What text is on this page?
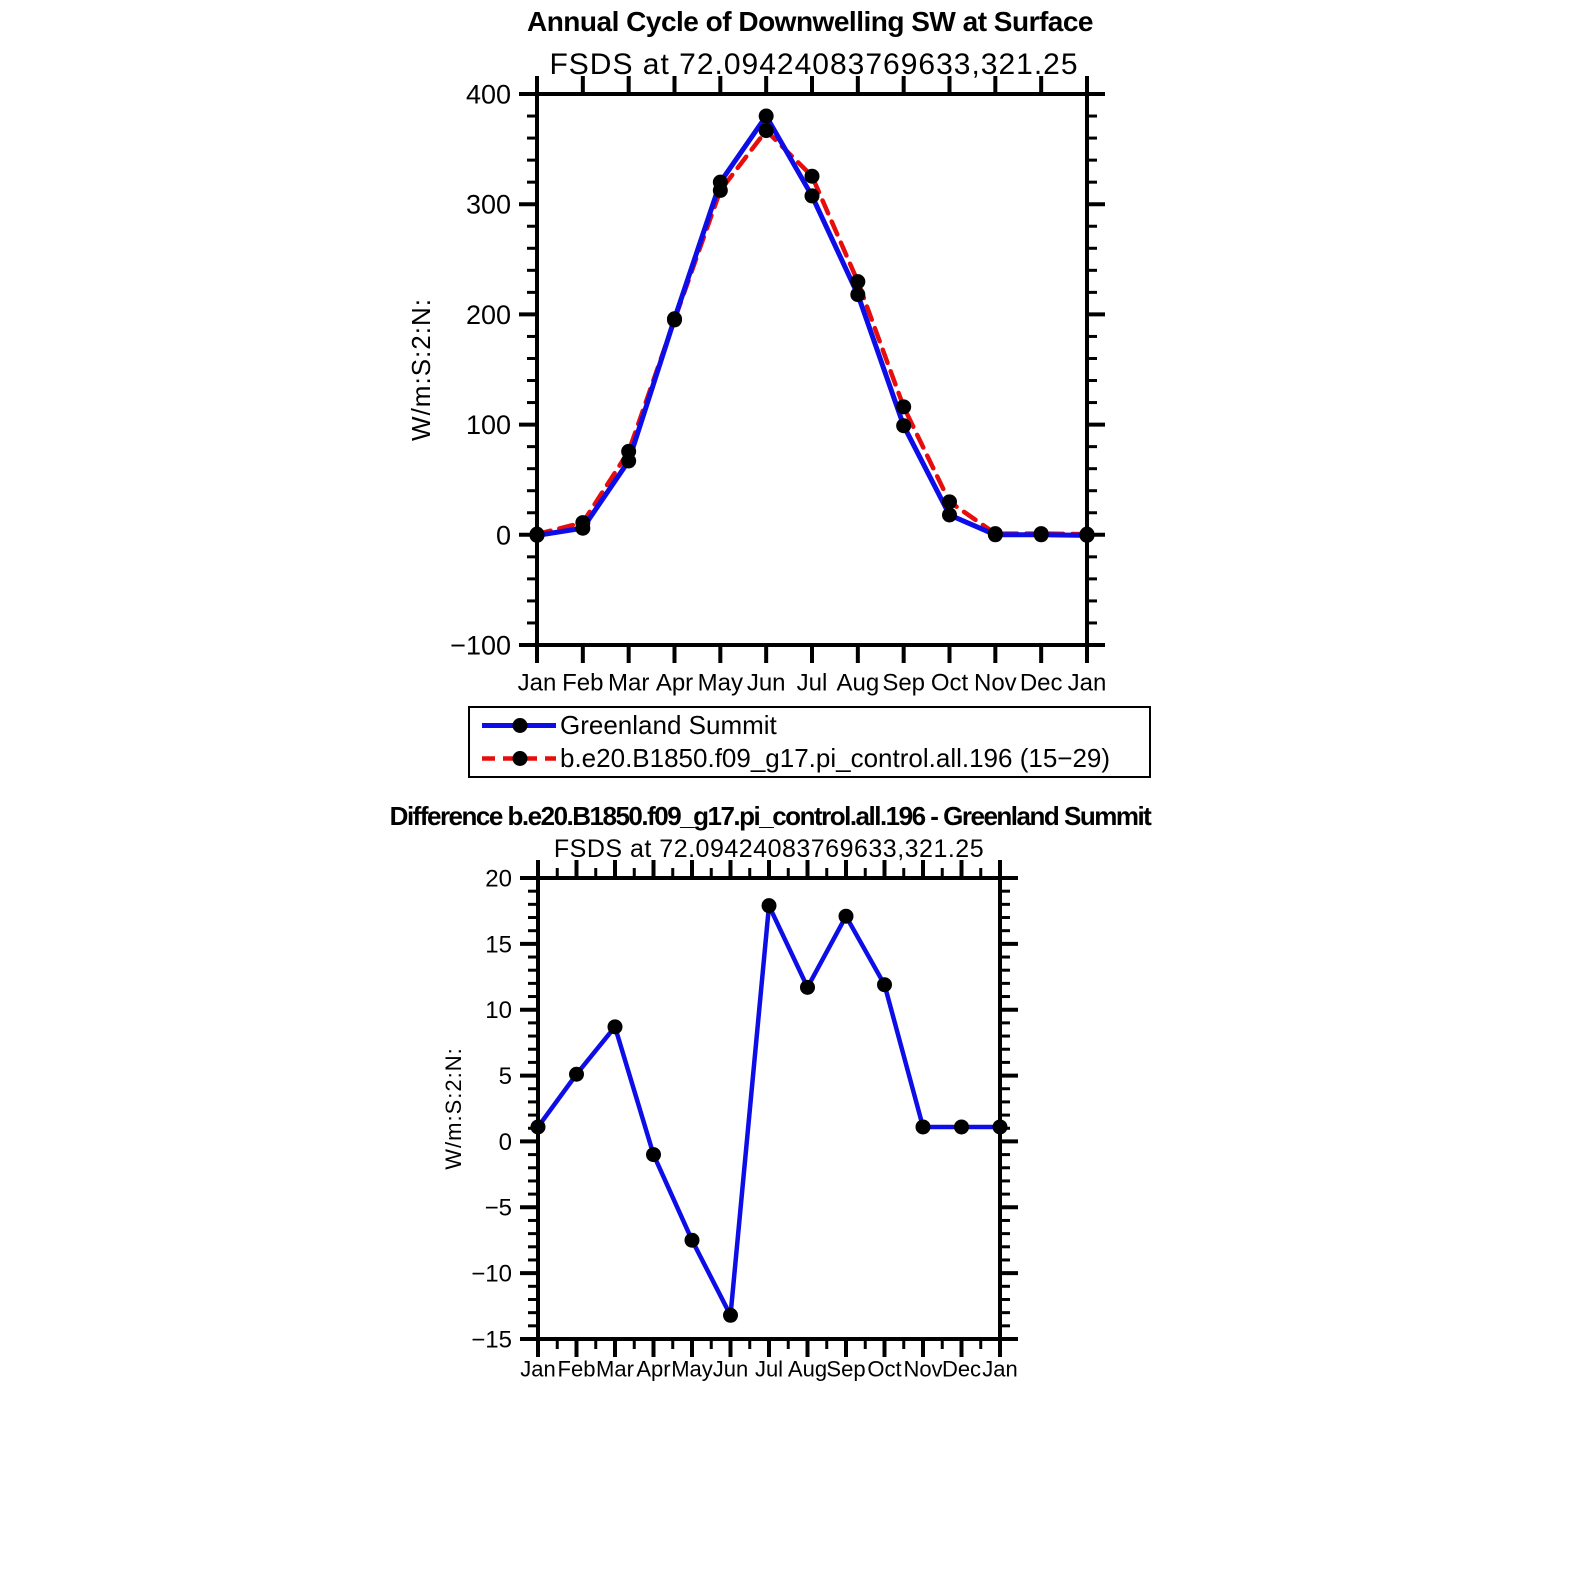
Annual Cycle of Downwelling SW at Surface
FSDS at 72.09424083769633,321.25
−100
0
100
200
300
400
Jan Feb Mar Apr May Jun Jul Aug Sep Oct Nov Dec Jan
W/m:S:2:N:
−15
−10
−5
0
5
10
15
20
Jan Feb Mar Apr May Jun Jul Aug Sep Oct Nov Dec Jan
W/m:S:2:N:
Greenland Summit
b.e20.B1850.f09_g17.pi_control.all.196 (15−29)
Difference b.e20.B1850.f09_g17.pi_control.all.196 - Greenland Summit
FSDS at 72.09424083769633,321.25
